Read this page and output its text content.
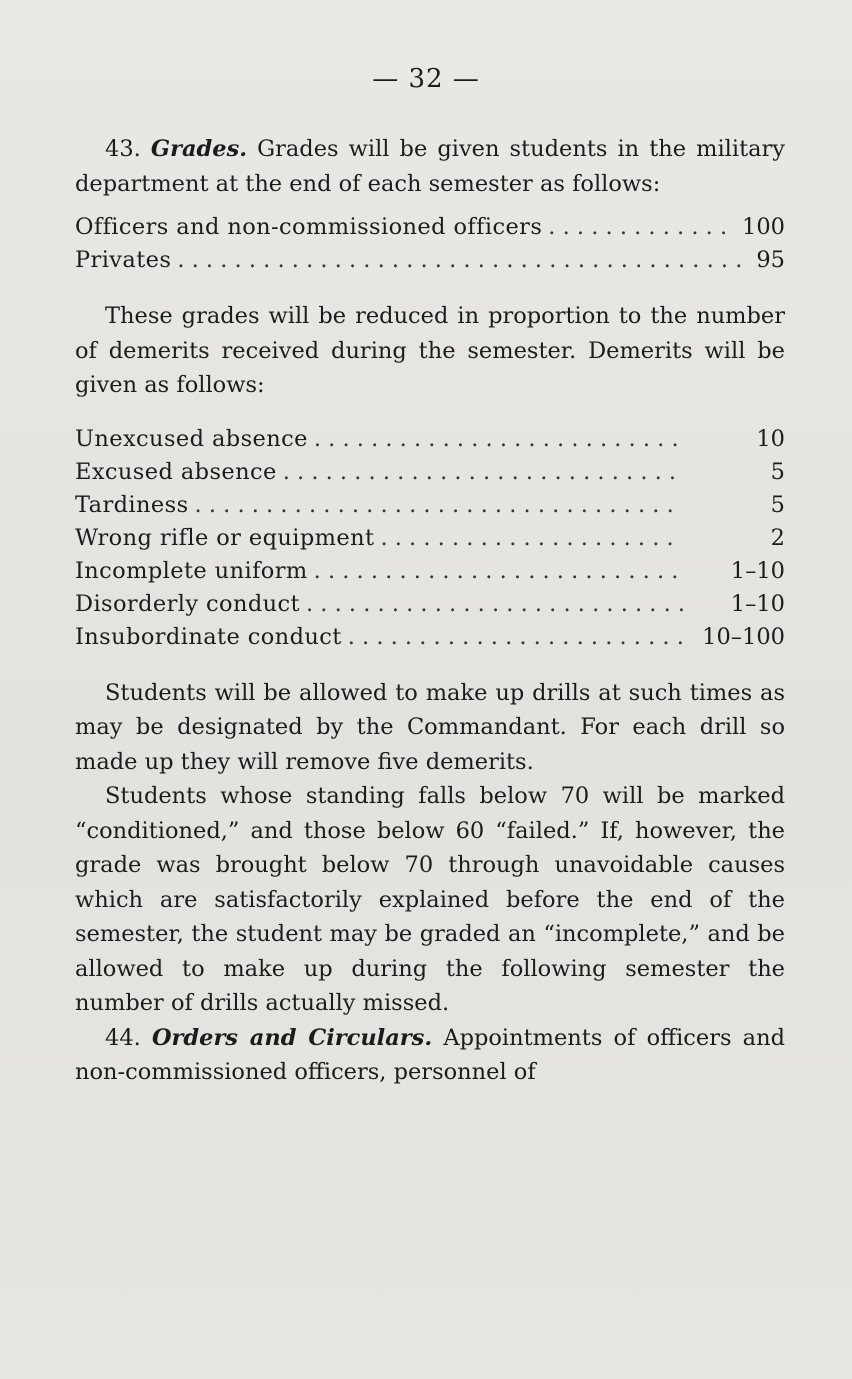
— 32 —

43. Grades. Grades will be given students in the military department at the end of each semester as follows:

Officers and non-commissioned officers . . .	100
Privates . . .	95

These grades will be reduced in proportion to the number of demerits received during the semester. Demerits will be given as follows:

Unexcused absence . . .	10
Excused absence . . .	5
Tardiness . . .	5
Wrong rifle or equipment . . .	2
Incomplete uniform . . .	1–10
Disorderly conduct . . .	1–10
Insubordinate conduct . . .	10–100

Students will be allowed to make up drills at such times as may be designated by the Commandant. For each drill so made up they will remove five demerits.

Students whose standing falls below 70 will be marked “conditioned,” and those below 60 “failed.” If, however, the grade was brought below 70 through unavoidable causes which are satisfactorily explained before the end of the semester, the student may be graded an “incomplete,” and be allowed to make up during the following semester the number of drills actually missed.

44. Orders and Circulars. Appointments of officers and non-commissioned officers, personnel of
